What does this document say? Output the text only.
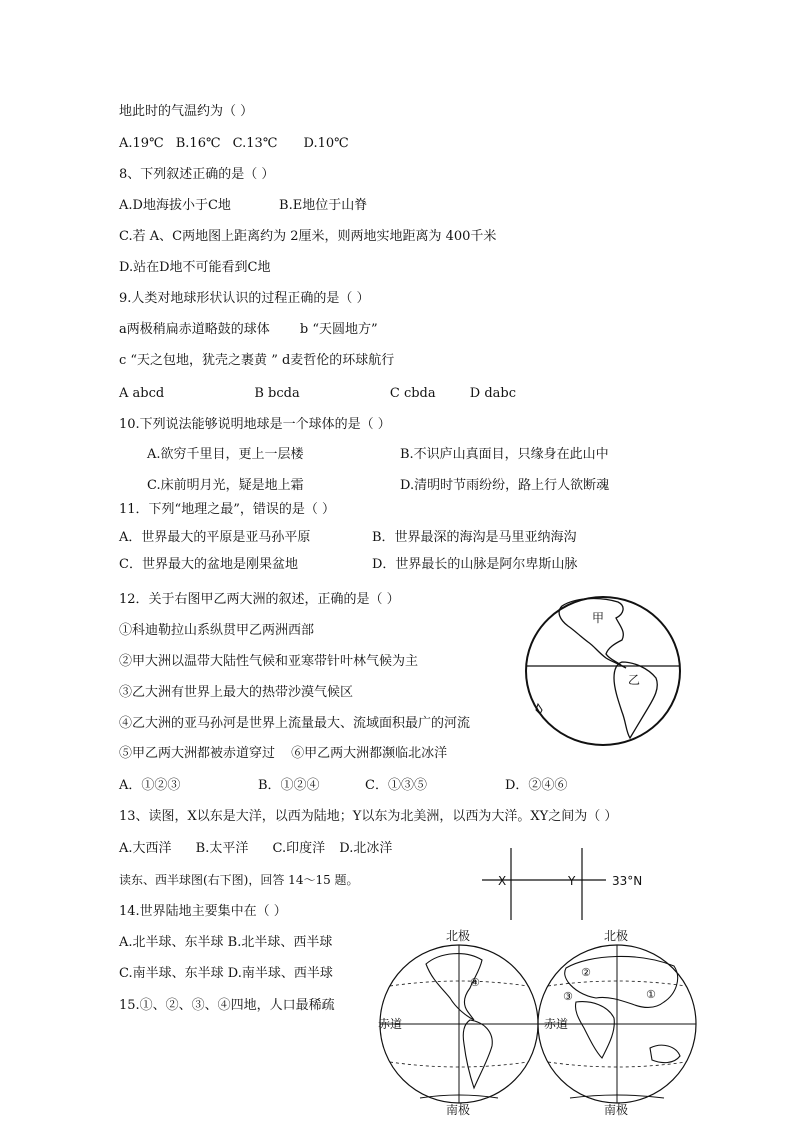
地此时的气温约为（ ）
A.19℃ B.16℃ C.13℃ D.10℃
8、下列叙述正确的是（ ）
A.D地海拔小于C地	B.E地位于山脊
C.若 A、C两地图上距离约为 2厘米，则两地实地距离为 400千米
D.站在D地不可能看到C地
9.人类对地球形状认识的过程正确的是（ ）
a两极稍扁赤道略鼓的球体 b “天圆地方”
c “天之包地，犹壳之裹黄 ” d麦哲伦的环球航行
A abcd	B bcda	C cbda	D dabc
10.下列说法能够说明地球是一个球体的是（ ）
A.欲穷千里目，更上一层楼	B.不识庐山真面目，只缘身在此山中
C.床前明月光，疑是地上霜	D.清明时节雨纷纷，路上行人欲断魂
11．下列“地理之最”，错误的是（ ）
A．世界最大的平原是亚马孙平原	B．世界最深的海沟是马里亚纳海沟
C．世界最大的盆地是刚果盆地	D．世界最长的山脉是阿尔卑斯山脉
12．关于右图甲乙两大洲的叙述，正确的是（ ）
①科迪勒拉山系纵贯甲乙两洲西部
②甲大洲以温带大陆性气候和亚寒带针叶林气候为主
③乙大洲有世界上最大的热带沙漠气候区
④乙大洲的亚马孙河是世界上流量最大、流域面积最广的河流
⑤甲乙两大洲都被赤道穿过 ⑥甲乙两大洲都濒临北冰洋
A．①②③	B．①②④	C．①③⑤	D．②④⑥
甲
乙
13、读图，X以东是大洋，以西为陆地；Y以东为北美洲，以西为大洋。XY之间为（ ）
A.大西洋 B.太平洋 C.印度洋 D.北冰洋
X	Y	33°N
读东、西半球图(右下图)，回答 14～15 题。
14.世界陆地主要集中在（ ）
A.北半球、东半球 B.北半球、西半球
C.南半球、东半球 D.南半球、西半球
15.①、②、③、④四地，人口最稀疏
北极
南极
④
赤道
北极
南极
②
③	①
赤道
